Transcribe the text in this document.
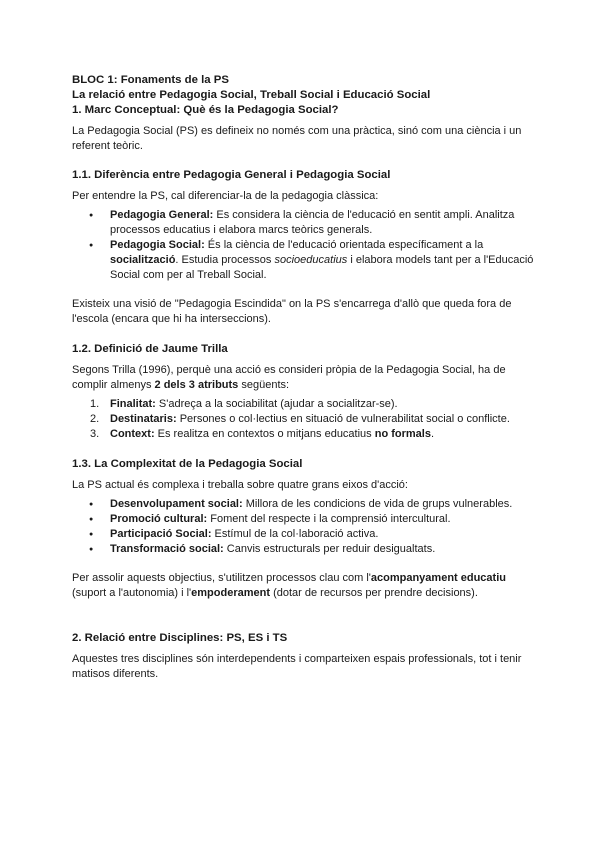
BLOC 1: Fonaments de la PS

La relació entre Pedagogia Social, Treball Social i Educació Social

1. Marc Conceptual: Què és la Pedagogia Social?

La Pedagogia Social (PS) es defineix no només com una pràctica, sinó com una ciència i un referent teòric.

1.1. Diferència entre Pedagogia General i Pedagogia Social

Per entendre la PS, cal diferenciar-la de la pedagogia clàssica:

● Pedagogia General: Es considera la ciència de l'educació en sentit ampli. Analitza processos educatius i elabora marcs teòrics generals.
● Pedagogia Social: És la ciència de l'educació orientada específicament a la socialització. Estudia processos socioeducatius i elabora models tant per a l'Educació Social com per al Treball Social.

Existeix una visió de "Pedagogia Escindida" on la PS s'encarrega d'allò que queda fora de l'escola (encara que hi ha interseccions).

1.2. Definició de Jaume Trilla

Segons Trilla (1996), perquè una acció es consideri pròpia de la Pedagogia Social, ha de complir almenys 2 dels 3 atributs següents:

1. Finalitat: S'adreça a la sociabilitat (ajudar a socialitzar-se).
2. Destinataris: Persones o col·lectius en situació de vulnerabilitat social o conflicte.
3. Context: Es realitza en contextos o mitjans educatius no formals.

1.3. La Complexitat de la Pedagogia Social

La PS actual és complexa i treballa sobre quatre grans eixos d'acció:

● Desenvolupament social: Millora de les condicions de vida de grups vulnerables.
● Promoció cultural: Foment del respecte i la comprensió intercultural.
● Participació Social: Estímul de la col·laboració activa.
● Transformació social: Canvis estructurals per reduir desigualtats.

Per assolir aquests objectius, s'utilitzen processos clau com l'acompanyament educatiu (suport a l'autonomia) i l'empoderament (dotar de recursos per prendre decisions).

2. Relació entre Disciplines: PS, ES i TS

Aquestes tres disciplines són interdependents i comparteixen espais professionals, tot i tenir matisos diferents.
